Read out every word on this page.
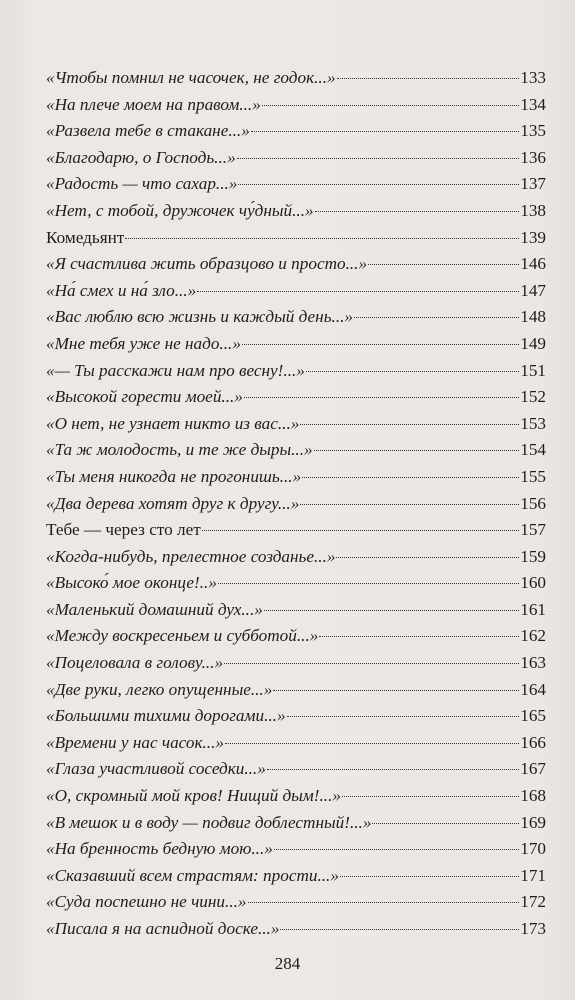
«Чтобы помнил не часочек, не годок...»	133
«На плече моем на правом...»	134
«Развела тебе в стакане...»	135
«Благодарю, о Господь...»	136
«Радость — что сахар...»	137
«Нет, с тобой, дружочек чу́дный...»	138
Комедьянт	139
«Я счастлива жить образцово и просто...»	146
«На́ смех и на́ зло...»	147
«Вас люблю всю жизнь и каждый день...»	148
«Мне тебя уже не надо...»	149
«— Ты расскажи нам про весну!...»	151
«Высокой горести моей...»	152
«О нет, не узнает никто из вас...»	153
«Та ж молодость, и те же дыры...»	154
«Ты меня никогда не прогонишь...»	155
«Два дерева хотят друг к другу...»	156
Тебе — через сто лет	157
«Когда-нибудь, прелестное созданье...»	159
«Высоко́ мое оконце!..»	160
«Маленький домашний дух...»	161
«Между воскресеньем и субботой...»	162
«Поцеловала в голову...»	163
«Две руки, легко опущенные...»	164
«Большими тихими дорогами...»	165
«Времени у нас часок...»	166
«Глаза участливой соседки...»	167
«О, скромный мой кров! Нищий дым!...»	168
«В мешок и в воду — подвиг доблестный!...»	169
«На бренность бедную мою...»	170
«Сказавший всем страстям: прости...»	171
«Суда поспешно не чини...»	172
«Писала я на аспидной доске...»	173
284
